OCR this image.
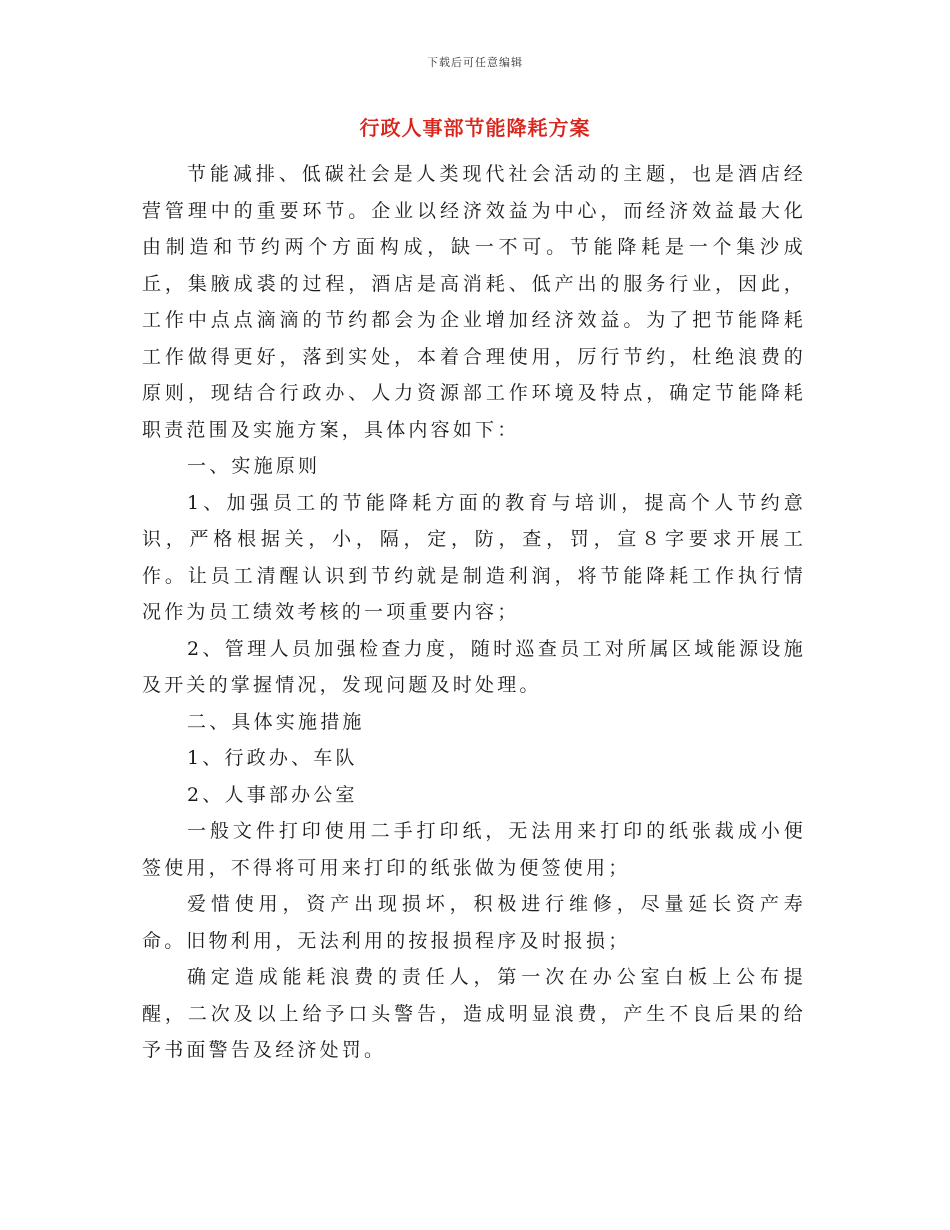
下载后可任意编辑
行政人事部节能降耗方案

节能减排、低碳社会是人类现代社会活动的主题，也是酒店经营管理中的重要环节。企业以经济效益为中心，而经济效益最大化由制造和节约两个方面构成，缺一不可。节能降耗是一个集沙成丘，集腋成裘的过程，酒店是高消耗、低产出的服务行业，因此，工作中点点滴滴的节约都会为企业增加经济效益。为了把节能降耗工作做得更好，落到实处，本着合理使用，厉行节约，杜绝浪费的原则，现结合行政办、人力资源部工作环境及特点，确定节能降耗职责范围及实施方案，具体内容如下：

一、实施原则

1、加强员工的节能降耗方面的教育与培训，提高个人节约意识，严格根据关，小，隔，定，防，查，罚，宣８字要求开展工作。让员工清醒认识到节约就是制造利润，将节能降耗工作执行情况作为员工绩效考核的一项重要内容；

2、管理人员加强检查力度，随时巡查员工对所属区域能源设施及开关的掌握情况，发现问题及时处理。

二、具体实施措施

1、行政办、车队

2、人事部办公室

一般文件打印使用二手打印纸，无法用来打印的纸张裁成小便签使用，不得将可用来打印的纸张做为便签使用；

爱惜使用，资产出现损坏，积极进行维修，尽量延长资产寿命。旧物利用，无法利用的按报损程序及时报损；

确定造成能耗浪费的责任人，第一次在办公室白板上公布提醒，二次及以上给予口头警告，造成明显浪费，产生不良后果的给予书面警告及经济处罚。
